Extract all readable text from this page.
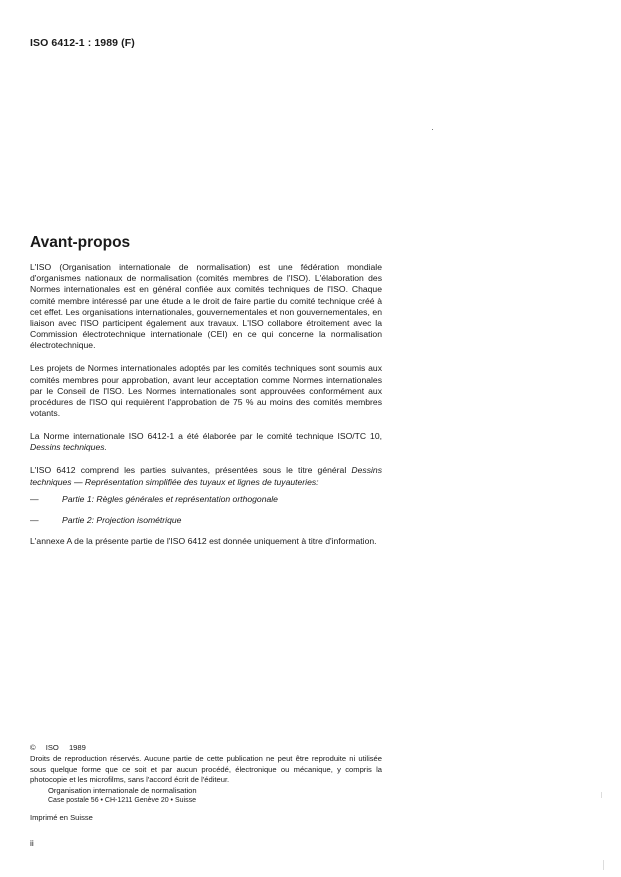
ISO 6412-1 : 1989 (F)
Avant-propos

L'ISO (Organisation internationale de normalisation) est une fédération mondiale d'organismes nationaux de normalisation (comités membres de l'ISO). L'élaboration des Normes internationales est en général confiée aux comités techniques de l'ISO. Chaque comité membre intéressé par une étude a le droit de faire partie du comité technique créé à cet effet. Les organisations internationales, gouvernementales et non gouvernementales, en liaison avec l'ISO participent également aux travaux. L'ISO collabore étroitement avec la Commission électrotechnique internationale (CEI) en ce qui concerne la normalisation électrotechnique.

Les projets de Normes internationales adoptés par les comités techniques sont soumis aux comités membres pour approbation, avant leur acceptation comme Normes internationales par le Conseil de l'ISO. Les Normes internationales sont approuvées conformément aux procédures de l'ISO qui requièrent l'approbation de 75 % au moins des comités membres votants.

La Norme internationale ISO 6412-1 a été élaborée par le comité technique ISO/TC 10, Dessins techniques.

L'ISO 6412 comprend les parties suivantes, présentées sous le titre général Dessins techniques — Représentation simplifiée des tuyaux et lignes de tuyauteries:

—	Partie 1: Règles générales et représentation orthogonale
—	Partie 2: Projection isométrique

L'annexe A de la présente partie de l'ISO 6412 est donnée uniquement à titre d'information.

© ISO 1989
Droits de reproduction réservés. Aucune partie de cette publication ne peut être reproduite ni utilisée sous quelque forme que ce soit et par aucun procédé, électronique ou mécanique, y compris la photocopie et les microfilms, sans l'accord écrit de l'éditeur.
Organisation internationale de normalisation
Case postale 56 • CH-1211 Genève 20 • Suisse
Imprimé en Suisse
ii
